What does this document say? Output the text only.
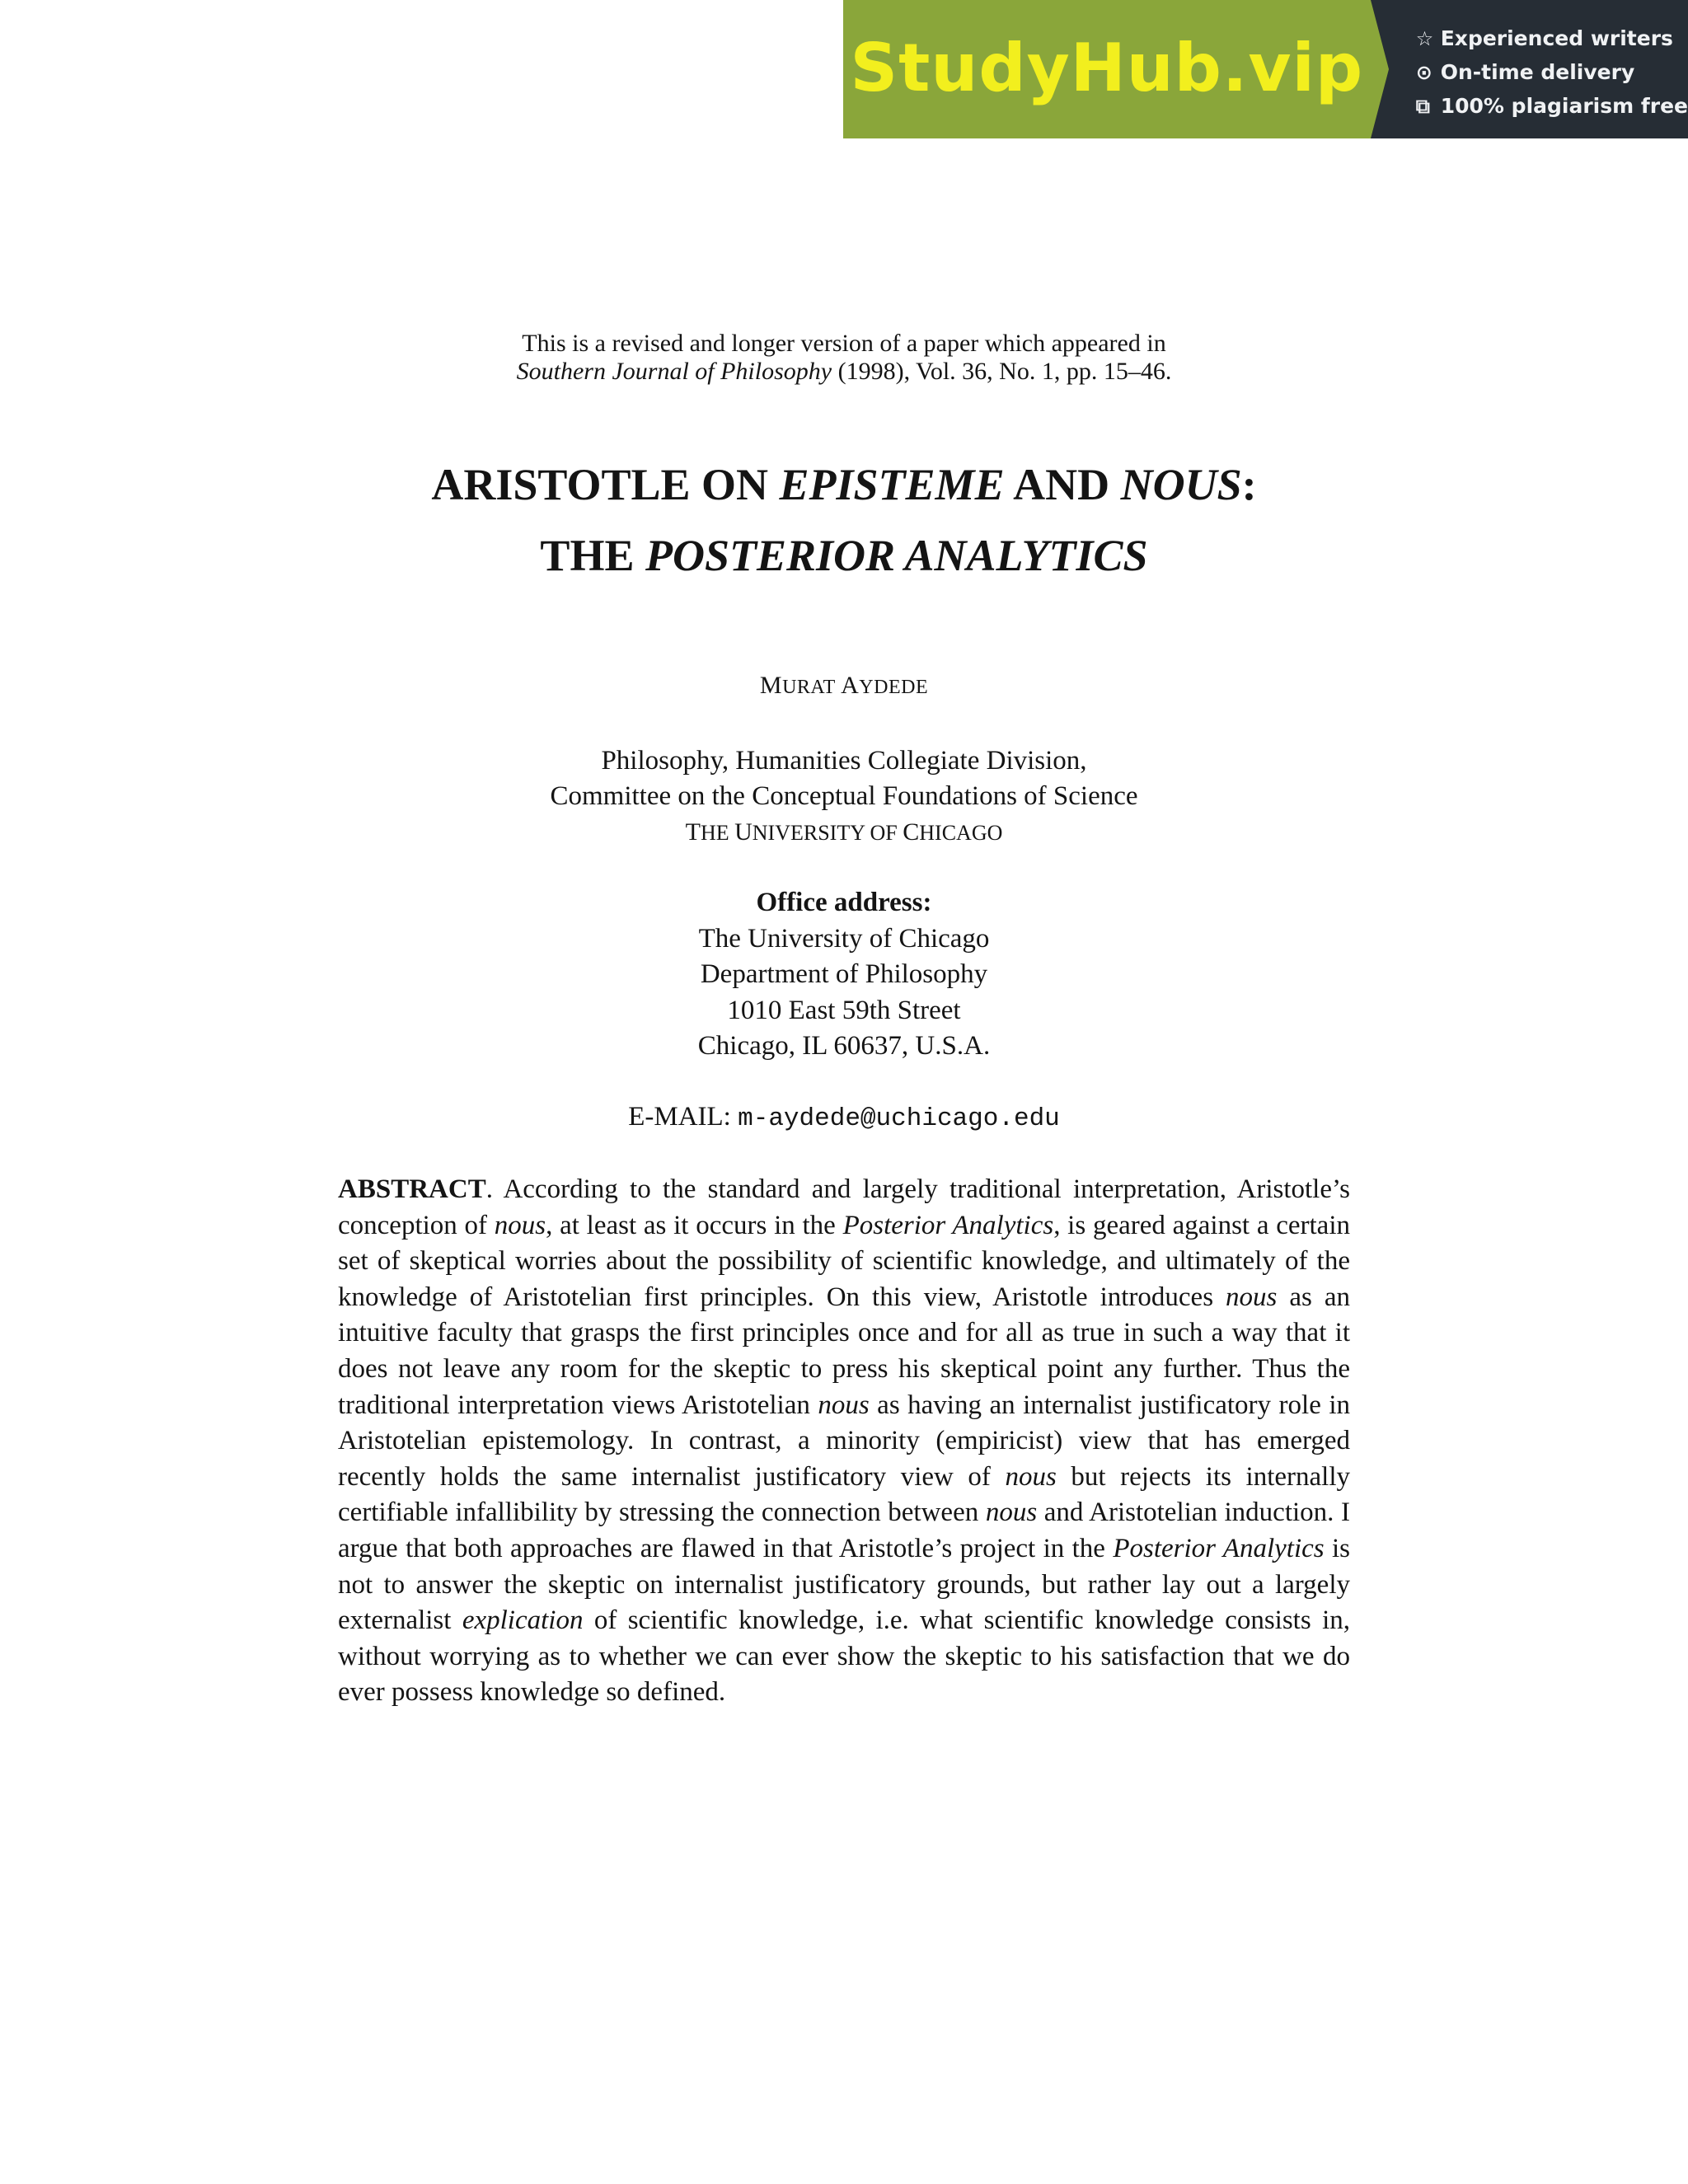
StudyHub.vip	☆ Experienced writers
⊙ On-time delivery
⧉ 100% plagiarism free
This is a revised and longer version of a paper which appeared in
Southern Journal of Philosophy (1998), Vol. 36, No. 1, pp. 15–46.
ARISTOTLE ON EPISTEME AND NOUS:
THE POSTERIOR ANALYTICS
MURAT AYDEDE
Philosophy, Humanities Collegiate Division,
Committee on the Conceptual Foundations of Science
THE UNIVERSITY OF CHICAGO
Office address:
The University of Chicago
Department of Philosophy
1010 East 59th Street
Chicago, IL 60637, U.S.A.
E-MAIL: m-aydede@uchicago.edu
ABSTRACT. According to the standard and largely traditional interpretation, Aristotle’s conception of nous, at least as it occurs in the Posterior Analytics, is geared against a certain set of skeptical worries about the possibility of scientific knowledge, and ultimately of the knowledge of Aristotelian first principles. On this view, Aristotle introduces nous as an intuitive faculty that grasps the first principles once and for all as true in such a way that it does not leave any room for the skeptic to press his skeptical point any further. Thus the traditional interpretation views Aristotelian nous as having an internalist justificatory role in Aristotelian epistemology. In contrast, a minority (empiricist) view that has emerged recently holds the same internalist justificatory view of nous but rejects its internally certifiable infallibility by stressing the connection between nous and Aristotelian induction. I argue that both approaches are flawed in that Aristotle’s project in the Posterior Analytics is not to answer the skeptic on internalist justificatory grounds, but rather lay out a largely externalist explication of scientific knowledge, i.e. what scientific knowledge consists in, without worrying as to whether we can ever show the skeptic to his satisfaction that we do ever possess knowledge so defined.
